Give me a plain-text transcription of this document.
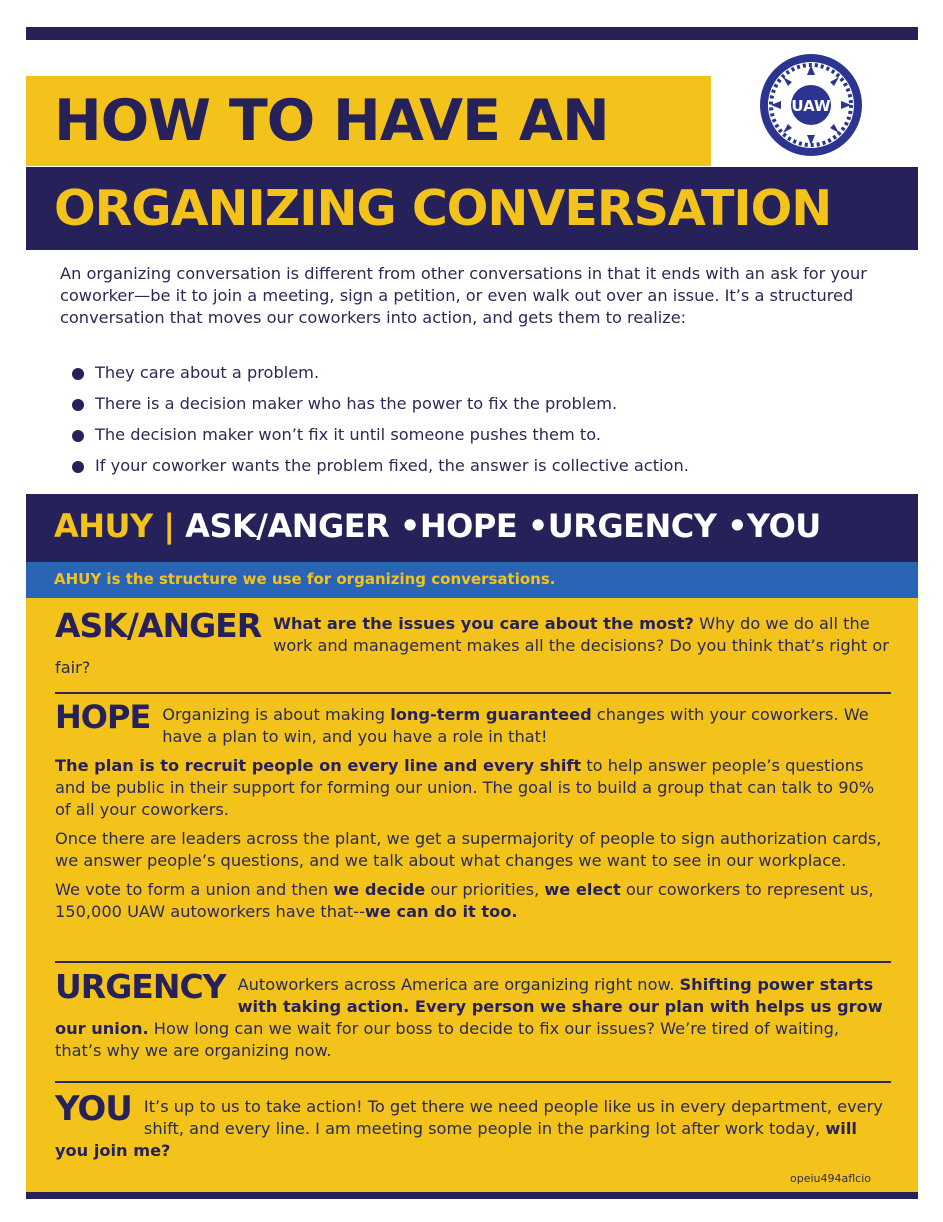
HOW TO HAVE AN	UAW
ORGANIZING CONVERSATION

An organizing conversation is different from other conversations in that it ends with an ask for your coworker—be it to join a meeting, sign a petition, or even walk out over an issue. It’s a structured conversation that moves our coworkers into action, and gets them to realize:

They care about a problem.
There is a decision maker who has the power to fix the problem.
The decision maker won’t fix it until someone pushes them to.
If your coworker wants the problem fixed, the answer is collective action.
AHUY | ASK/ANGER •HOPE •URGENCY •YOU
AHUY is the structure we use for organizing conversations.

ASK/ANGER What are the issues you care about the most? Why do we do all the work and management makes all the decisions? Do you think that’s right or fair?

HOPE Organizing is about making long-term guaranteed changes with your coworkers. We have a plan to win, and you have a role in that!

The plan is to recruit people on every line and every shift to help answer people’s questions and be public in their support for forming our union. The goal is to build a group that can talk to 90% of all your coworkers.

Once there are leaders across the plant, we get a supermajority of people to sign authorization cards, we answer people’s questions, and we talk about what changes we want to see in our workplace.

We vote to form a union and then we decide our priorities, we elect our coworkers to represent us, 150,000 UAW autoworkers have that--we can do it too.

URGENCY Autoworkers across America are organizing right now. Shifting power starts with taking action. Every person we share our plan with helps us grow our union. How long can we wait for our boss to decide to fix our issues? We’re tired of waiting, that’s why we are organizing now.

YOU It’s up to us to take action! To get there we need people like us in every department, every shift, and every line. I am meeting some people in the parking lot after work today, will you join me?

opeiu494aflcio
